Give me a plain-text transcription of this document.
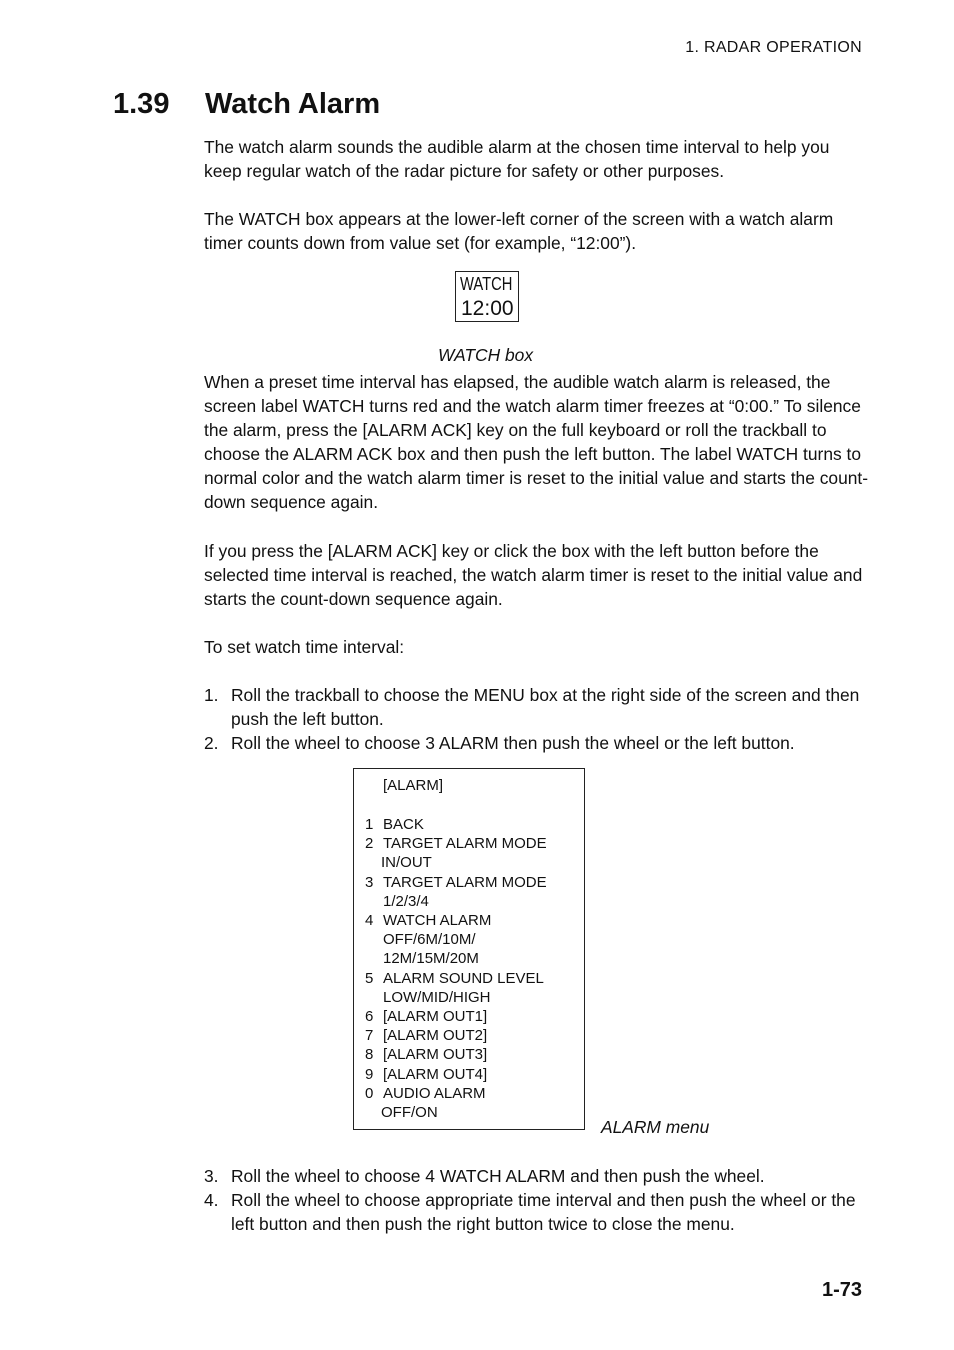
1. RADAR OPERATION
1.39 Watch Alarm

The watch alarm sounds the audible alarm at the chosen time interval to help you keep regular watch of the radar picture for safety or other purposes.

The WATCH box appears at the lower-left corner of the screen with a watch alarm timer counts down from value set (for example, “12:00”).

WATCH
12:00
WATCH box

When a preset time interval has elapsed, the audible watch alarm is released, the screen label WATCH turns red and the watch alarm timer freezes at “0:00.” To silence the alarm, press the [ALARM ACK] key on the full keyboard or roll the trackball to choose the ALARM ACK box and then push the left button. The label WATCH turns to normal color and the watch alarm timer is reset to the initial value and starts the count-down sequence again.

If you press the [ALARM ACK] key or click the box with the left button before the selected time interval is reached, the watch alarm timer is reset to the initial value and starts the count-down sequence again.

To set watch time interval:

1. Roll the trackball to choose the MENU box at the right side of the screen and then push the left button.
2. Roll the wheel to choose 3 ALARM then push the wheel or the left button.
[ALARM]
1 BACK
2 TARGET ALARM MODE
IN/OUT
3 TARGET ALARM MODE
1/2/3/4
4 WATCH ALARM
OFF/6M/10M/
12M/15M/20M
5 ALARM SOUND LEVEL
LOW/MID/HIGH
6 [ALARM OUT1]
7 [ALARM OUT2]
8 [ALARM OUT3]
9 [ALARM OUT4]
0 AUDIO ALARM
OFF/ON
ALARM menu
3. Roll the wheel to choose 4 WATCH ALARM and then push the wheel.
4. Roll the wheel to choose appropriate time interval and then push the wheel or the left button and then push the right button twice to close the menu.
1-73
